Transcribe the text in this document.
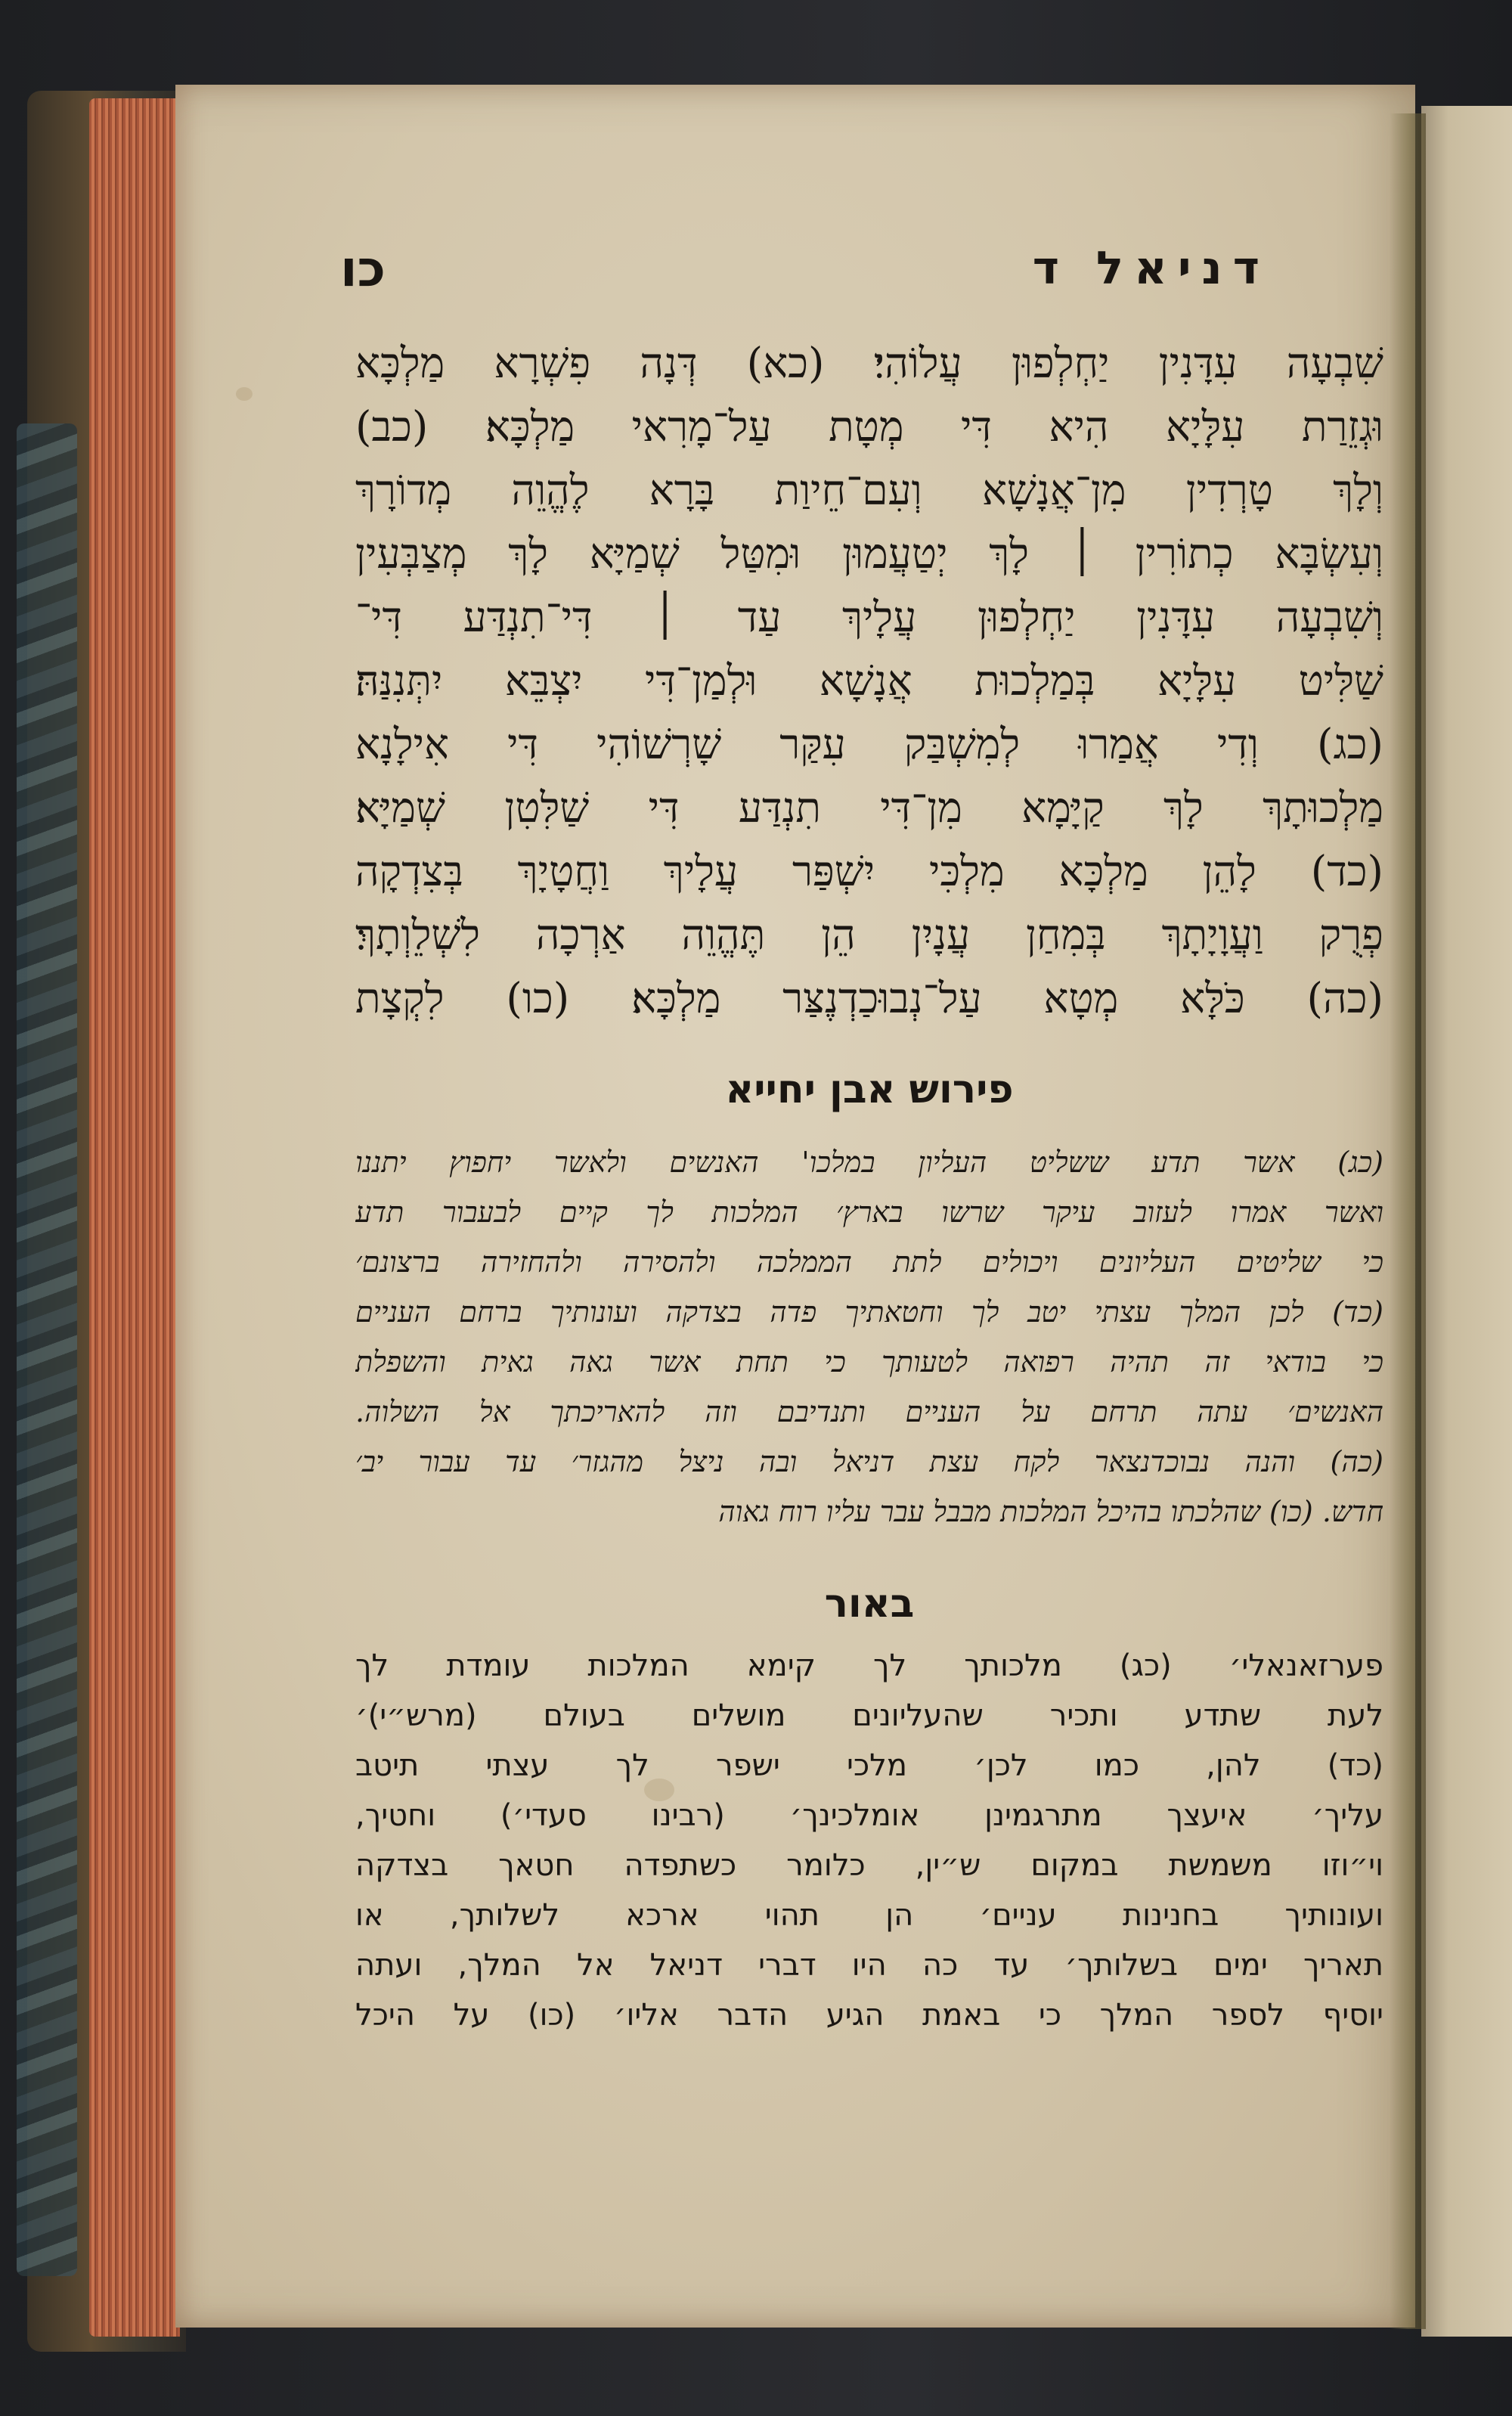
דניאל ד
כו
שִׁבְעָה עִדָּנִין יַחְלְפוּן עֲלוֹהִי׃ (כא) דְּנָה פִשְׁרָא מַלְכָּא
וּגְזֵרַת עִלָּיָא הִיא דִּי מְטָת עַל־מָרִאי מַלְכָּא׃ (כב)
וְלָךְ טָרְדִין מִן־אֲנָשָׁא וְעִם־חֵיוַת בָּרָא לֶהֱוֵה מְדוֹרָךְ
וְעִשְׂבָּא כְתוֹרִין ׀ לָךְ יְטַעֲמוּן וּמִטַּל שְׁמַיָּא לָךְ מְצַבְּעִין
וְשִׁבְעָה עִדָּנִין יַחְלְפוּן עֲלָיךְ עַד ׀ דִּי־תִנְדַּע דִּי־
שַׁלִּיט עִלָּיָא בְּמַלְכוּת אֲנָשָׁא וּלְמַן־דִּי יִצְבֵּא יִתְּנִנַּהּ׃
(כג) וְדִי אֲמַרוּ לְמִשְׁבַּק עִקַּר שָׁרְשׁוֹהִי דִּי אִילָנָא
מַלְכוּתָךְ לָךְ קַיָּמָא מִן־דִּי תִנְדַּע דִּי שַׁלִּטִן שְׁמַיָּא׃
(כד) לָהֵן מַלְכָּא מִלְכִּי יִשְׁפַּר עֲלָיךְ וַחֲטָיָךְ בְּצִדְקָה
פְרֻק וַעֲוָיָתָךְ בְּמִחַן עֲנָיִן הֵן תֶּהֱוֵה אַרְכָה לִשְׁלֵוְתָךְ׃
(כה) כֹּלָּא מְטָא עַל־נְבוּכַדְנֶצַּר מַלְכָּא׃ (כו) לִקְצָת
פירוש אבן יחייא
(כג) אשר תדע ששליט העליון במלכו' האנשים ולאשר יחפוץ יתננו
ואשר אמרו לעזוב עיקר שרשו בארץ׳ המלכות לך קיים לבעבור תדע
כי שליטים העליונים ויכולים לתת הממלכה ולהסירה ולהחזירה ברצונם׳
(כד) לכן המלך עצתי יטב לך וחטאתיך פדה בצדקה ועונותיך ברחם העניים
כי בודאי זה תהיה רפואה לטעותך כי תחת אשר גאה גאית והשפלת
האנשים׳ עתה תרחם על העניים ותנדיבם וזה להאריכתך אל השלוה.
(כה) והנה נבוכדנצאר לקח עצת דניאל ובה ניצל מהגזר׳ עד עבור יב׳
חדש. (כו) שהלכתו בהיכל המלכות מבבל עבר עליו רוח גאוה
באור
פערזאנאלי׳ (כג) מלכותך לך קימא המלכות עומדת לך
לעת שתדע ותכיר שהעליונים מושלים בעולם (מרש״י)׳
(כד) להן, כמו לכן׳ מלכי ישפר לך עצתי תיטב
עליך׳ איעצך מתרגמינן אומלכינך׳ (רבינו סעדי׳) וחטיך,
וי״וזו משמשת במקום ש״ין, כלומר כשתפדה חטאך בצדקה
ועונותיך בחנינות עניים׳ הן תהוי ארכא לשלותך, או
תאריך ימים בשלותך׳ עד כה היו דברי דניאל אל המלך, ועתה
יוסיף לספר המלך כי באמת הגיע הדבר אליו׳ (כו) על היכל
